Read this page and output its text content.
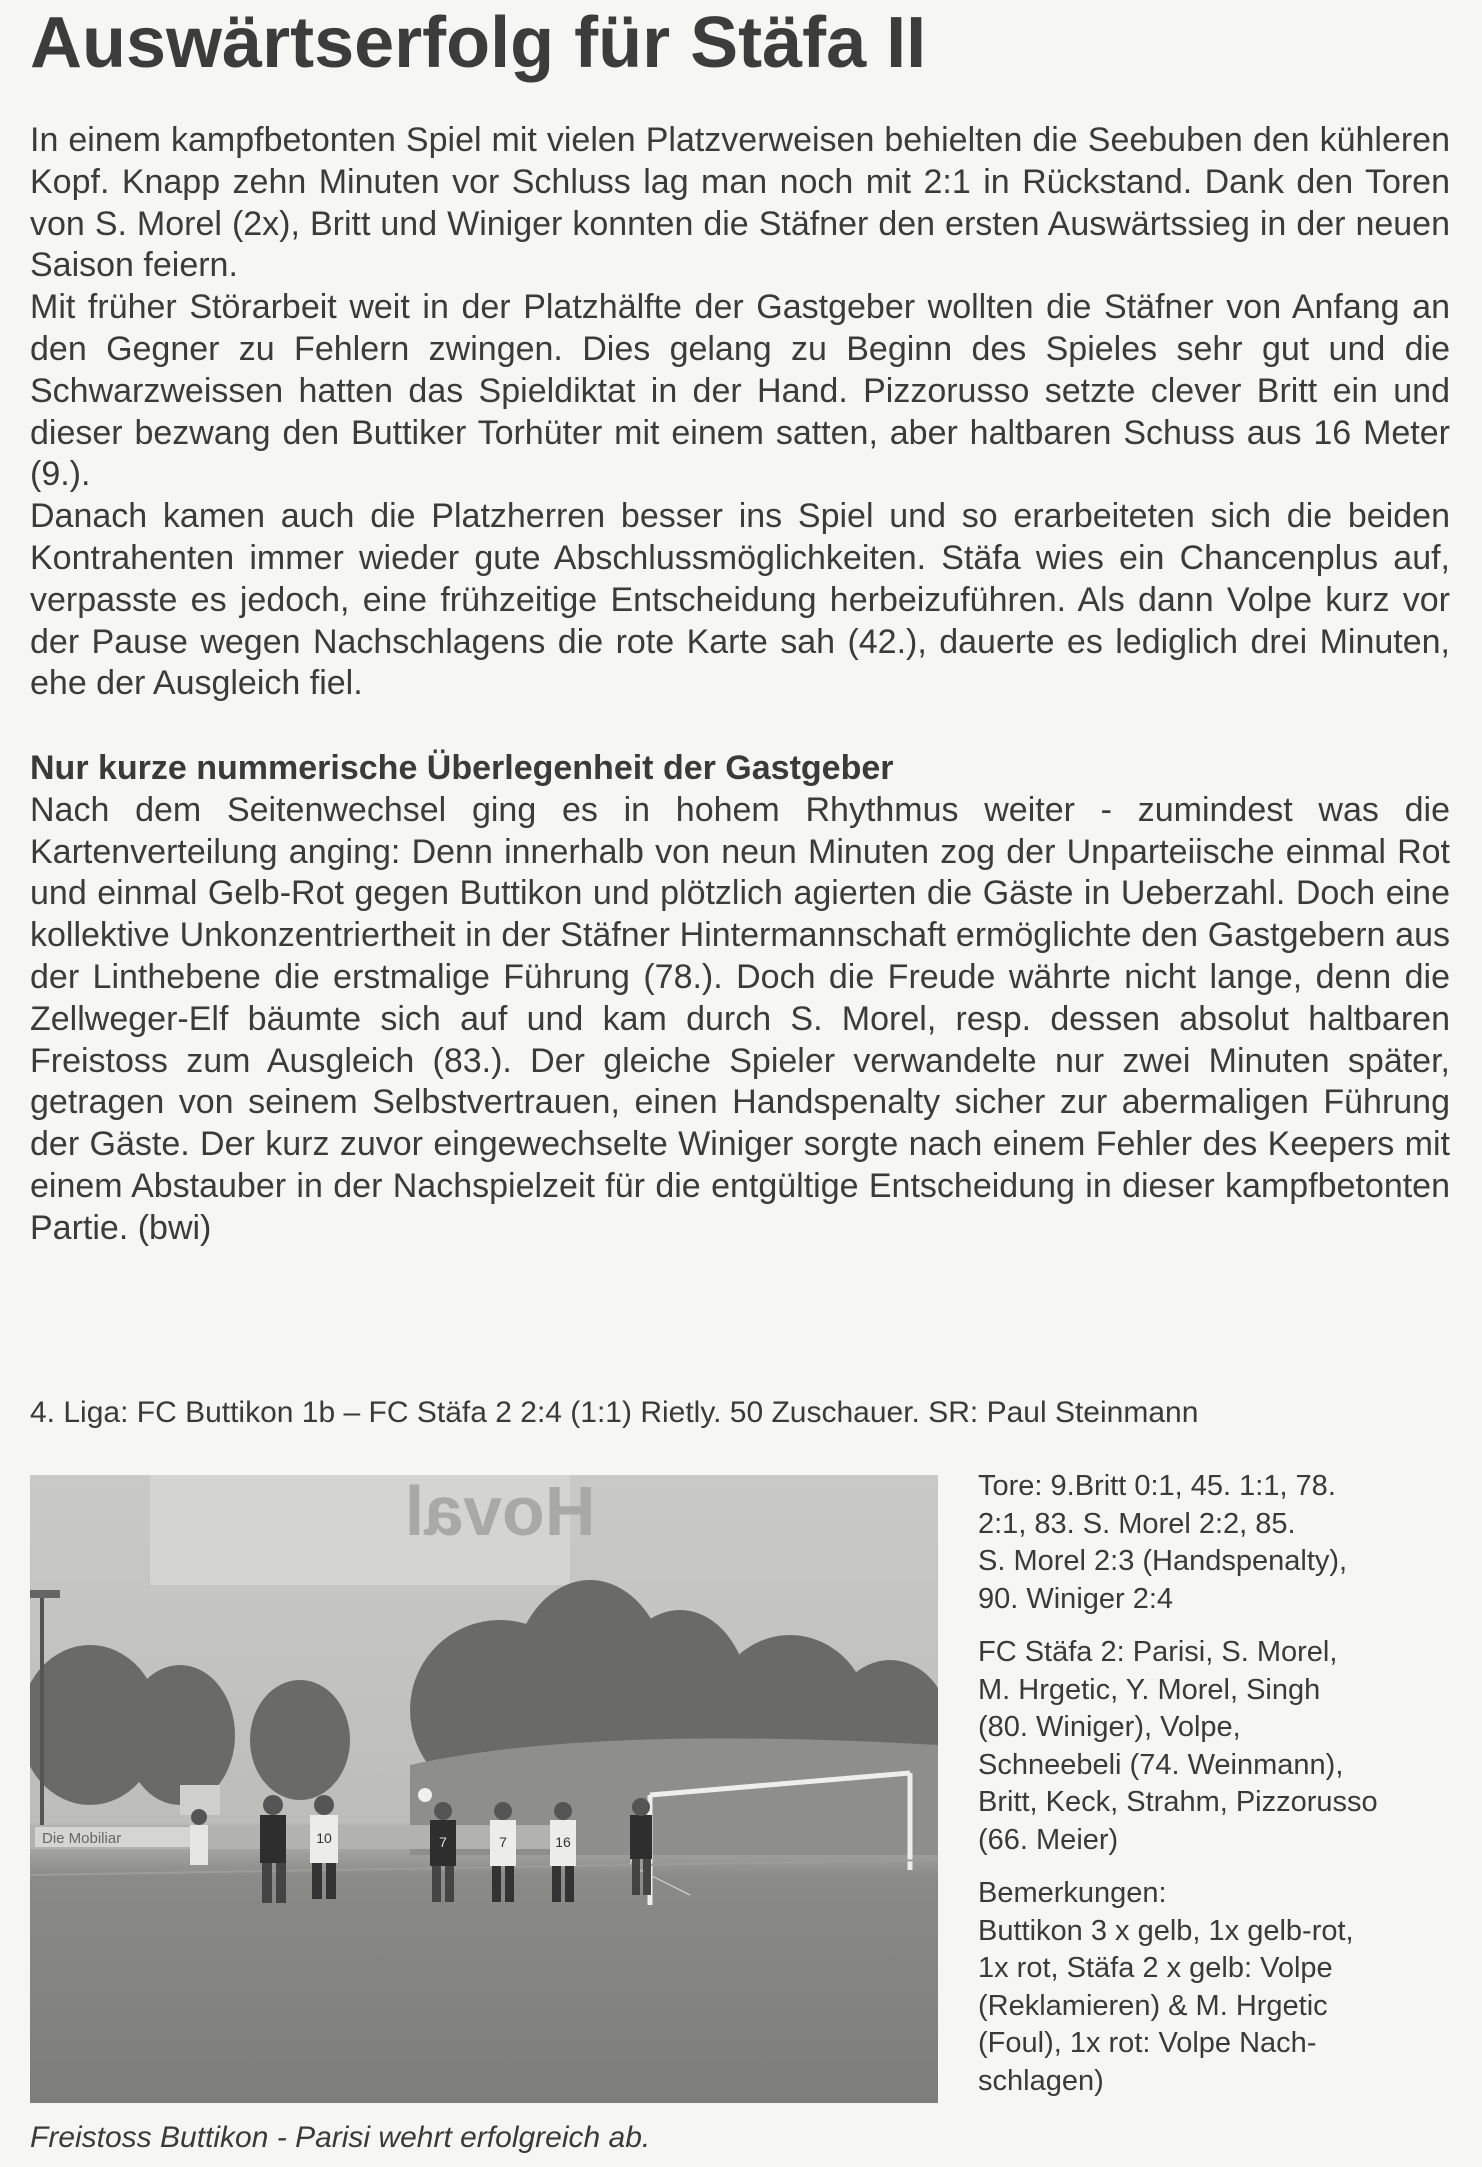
Auswärtserfolg für Stäfa II

In einem kampfbetonten Spiel mit vielen Platzverweisen behielten die Seebuben den kühleren Kopf. Knapp zehn Minuten vor Schluss lag man noch mit 2:1 in Rückstand. Dank den Toren von S. Morel (2x), Britt und Winiger konnten die Stäfner den ersten Auswärtssieg in der neuen Saison feiern.

Mit früher Störarbeit weit in der Platzhälfte der Gastgeber wollten die Stäfner von Anfang an den Gegner zu Fehlern zwingen. Dies gelang zu Beginn des Spieles sehr gut und die Schwarzweissen hatten das Spieldiktat in der Hand. Pizzorusso setzte clever Britt ein und dieser bezwang den Buttiker Torhüter mit einem satten, aber haltbaren Schuss aus 16 Meter (9.).

Danach kamen auch die Platzherren besser ins Spiel und so erarbeiteten sich die beiden Kontrahenten immer wieder gute Abschlussmöglichkeiten. Stäfa wies ein Chancenplus auf, verpasste es jedoch, eine frühzeitige Entscheidung herbeizuführen. Als dann Volpe kurz vor der Pause wegen Nachschlagens die rote Karte sah (42.), dauerte es lediglich drei Minuten, ehe der Ausgleich fiel.

Nur kurze nummerische Überlegenheit der Gastgeber

Nach dem Seitenwechsel ging es in hohem Rhythmus weiter - zumindest was die Kartenverteilung anging: Denn innerhalb von neun Minuten zog der Unparteiische einmal Rot und einmal Gelb-Rot gegen Buttikon und plötzlich agierten die Gäste in Ueberzahl. Doch eine kollektive Unkonzentriertheit in der Stäfner Hintermannschaft ermöglichte den Gastgebern aus der Linthebene die erstmalige Führung (78.). Doch die Freude währte nicht lange, denn die Zellweger-Elf bäumte sich auf und kam durch S. Morel, resp. dessen absolut haltbaren Freistoss zum Ausgleich (83.). Der gleiche Spieler verwandelte nur zwei Minuten später, getragen von seinem Selbstvertrauen, einen Handspenalty sicher zur abermaligen Führung der Gäste. Der kurz zuvor eingewechselte Winiger sorgte nach einem Fehler des Keepers mit einem Abstauber in der Nachspielzeit für die entgültige Entscheidung in dieser kampfbetonten Partie. (bwi)

4. Liga: FC Buttikon 1b – FC Stäfa 2 2:4 (1:1) Rietly. 50 Zuschauer. SR: Paul Steinmann
Hoval
Die Mobiliar	10	7	7	16
Freistoss Buttikon - Parisi wehrt erfolgreich ab.

Tore: 9.Britt 0:1, 45. 1:1, 78.
2:1, 83. S. Morel 2:2, 85.
S. Morel 2:3 (Handspenalty),
90. Winiger 2:4

FC Stäfa 2: Parisi, S. Morel,
M. Hrgetic, Y. Morel, Singh
(80. Winiger), Volpe,
Schneebeli (74. Weinmann),
Britt, Keck, Strahm, Pizzorusso
(66. Meier)

Bemerkungen:
Buttikon 3 x gelb, 1x gelb-rot,
1x rot, Stäfa 2 x gelb: Volpe
(Reklamieren) & M. Hrgetic
(Foul), 1x rot: Volpe Nach-
schlagen)
